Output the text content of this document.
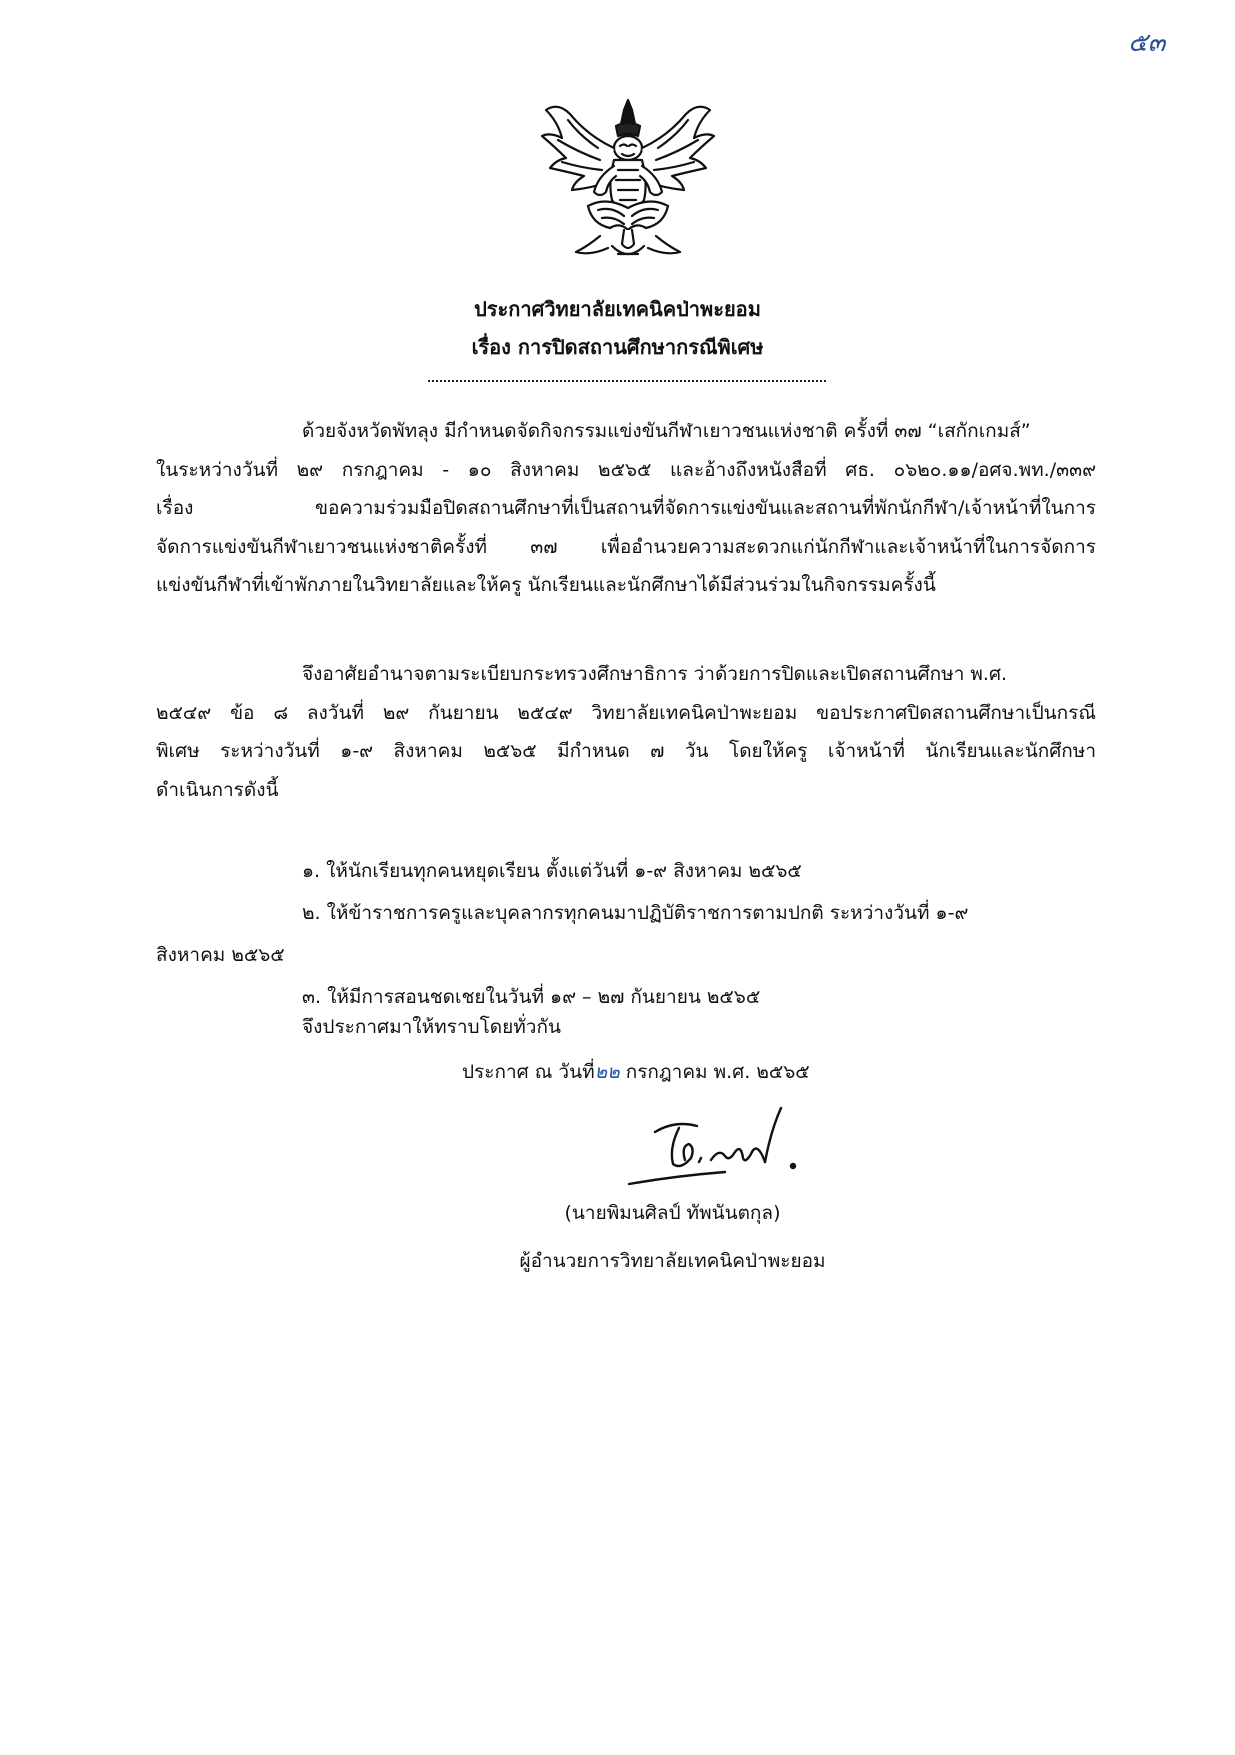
๕๓
ประกาศวิทยาลัยเทคนิคป่าพะยอม
เรื่อง การปิดสถานศึกษากรณีพิเศษ
ด้วยจังหวัดพัทลุง มีกำหนดจัดกิจกรรมแข่งขันกีฬาเยาวชนแห่งชาติ ครั้งที่ ๓๗ “เสกักเกมส์”
ในระหว่างวันที่ ๒๙ กรกฎาคม - ๑๐ สิงหาคม ๒๕๖๕ และอ้างถึงหนังสือที่ ศธ. ๐๖๒๐.๑๑/อศจ.พท./๓๓๙
เรื่อง ขอความร่วมมือปิดสถานศึกษาที่เป็นสถานที่จัดการแข่งขันและสถานที่พักนักกีฬา/เจ้าหน้าที่ในการ
จัดการแข่งขันกีฬาเยาวชนแห่งชาติครั้งที่ ๓๗ เพื่ออำนวยความสะดวกแก่นักกีฬาและเจ้าหน้าที่ในการจัดการ
แข่งขันกีฬาที่เข้าพักภายในวิทยาลัยและให้ครู นักเรียนและนักศึกษาได้มีส่วนร่วมในกิจกรรมครั้งนี้
จึงอาศัยอำนาจตามระเบียบกระทรวงศึกษาธิการ ว่าด้วยการปิดและเปิดสถานศึกษา พ.ศ.
๒๕๔๙ ข้อ ๘ ลงวันที่ ๒๙ กันยายน ๒๕๔๙ วิทยาลัยเทคนิคป่าพะยอม ขอประกาศปิดสถานศึกษาเป็นกรณี
พิเศษ ระหว่างวันที่ ๑-๙ สิงหาคม ๒๕๖๕ มีกำหนด ๗ วัน โดยให้ครู เจ้าหน้าที่ นักเรียนและนักศึกษา
ดำเนินการดังนี้
๑. ให้นักเรียนทุกคนหยุดเรียน ตั้งแต่วันที่ ๑-๙ สิงหาคม ๒๕๖๕
๒. ให้ข้าราชการครูและบุคลากรทุกคนมาปฏิบัติราชการตามปกติ ระหว่างวันที่ ๑-๙
สิงหาคม ๒๕๖๕
๓. ให้มีการสอนชดเชยในวันที่ ๑๙ – ๒๗ กันยายน ๒๕๖๕
จึงประกาศมาให้ทราบโดยทั่วกัน
ประกาศ ณ วันที่๒๒ กรกฎาคม พ.ศ. ๒๕๖๕
(นายพิมนศิลป์ ทัพนันตกุล)
ผู้อำนวยการวิทยาลัยเทคนิคป่าพะยอม
